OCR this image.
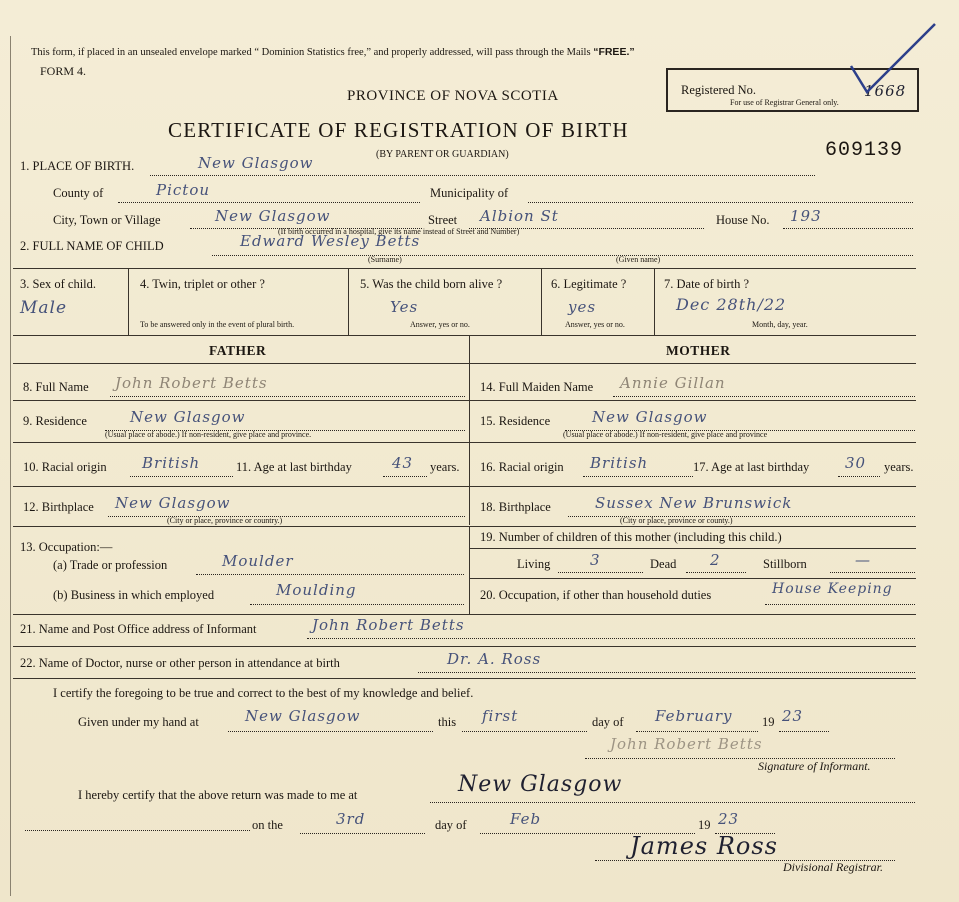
This form, if placed in an unsealed envelope marked “ Dominion Statistics free,” and properly addressed, will pass through the Mails “FREE.”
FORM 4.
PROVINCE OF NOVA SCOTIA
CERTIFICATE OF REGISTRATION OF BIRTH
(BY PARENT OR GUARDIAN)
Registered No.
For use of Registrar General only.
1668
609139
1. PLACE OF BIRTH.	New Glasgow
County of	Pictou	Municipality of
City, Town or Village	New Glasgow	Street Albion St	House No. 193
(If birth occurred in a hospital, give its name instead of Street and Number)
2. FULL NAME OF CHILD	Edward Wesley Betts
(Surname)	(Given name)
3. Sex of child.
Male
4. Twin, triplet or other ?
To be answered only in the event of plural birth.
5. Was the child born alive ?
Yes
Answer, yes or no.
6. Legitimate ?
yes
Answer, yes or no.
7. Date of birth ?
Dec 28th/22
Month, day, year.
FATHER	MOTHER
8. Full Name John Robert Betts
9. Residence	New Glasgow
(Usual place of abode.) If non-resident, give place and province.
10. Racial origin British	11. Age at last birthday	43 years.
12. Birthplace New Glasgow
(City or place, province or country.)
14. Full Maiden Name Annie Gillan
15. Residence	New Glasgow
(Usual place of abode.) If non-resident, give place and province
16. Racial origin British	17. Age at last birthday 30 years.
18. Birthplace	Sussex New Brunswick
(City or place, province or county.)
13. Occupation:—
(a) Trade or profession	Moulder
19. Number of children of this mother (including this child.)
Living	3	Dead 2	Stillborn	—
(b) Business in which employed	Moulding	20. Occupation, if other than household duties	House Keeping
21. Name and Post Office address of Informant	John Robert Betts
22. Name of Doctor, nurse or other person in attendance at birth	Dr. A. Ross
I certify the foregoing to be true and correct to the best of my knowledge and belief.
Given under my hand at	New Glasgow	this first	day of February 19 23
John Robert Betts
Signature of Informant.
I hereby certify that the above return was made to me at	New Glasgow
on the	3rd	day of	Feb	19 23
James Ross
Divisional Registrar.
